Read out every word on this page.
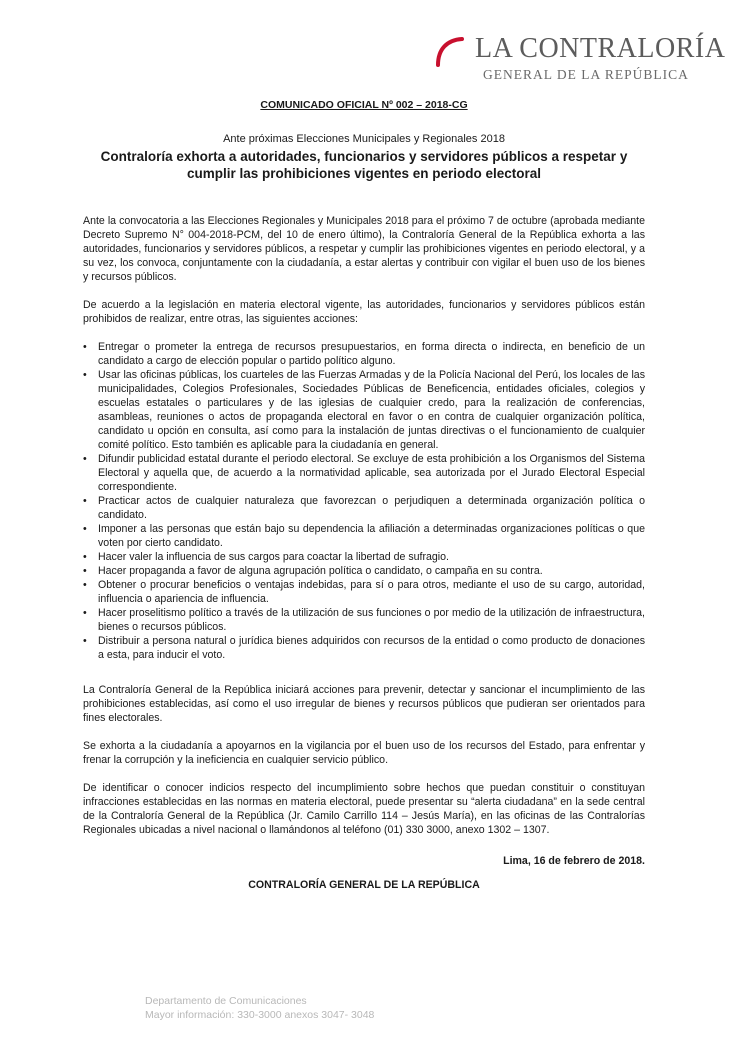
LA CONTRALORÍA
GENERAL DE LA REPÚBLICA
COMUNICADO OFICIAL Nº 002 – 2018-CG
Ante próximas Elecciones Municipales y Regionales 2018
Contraloría exhorta a autoridades, funcionarios y servidores públicos a respetar y
cumplir las prohibiciones vigentes en periodo electoral

Ante la convocatoria a las Elecciones Regionales y Municipales 2018 para el próximo 7 de octubre (aprobada mediante Decreto Supremo N° 004-2018-PCM, del 10 de enero último), la Contraloría General de la República exhorta a las autoridades, funcionarios y servidores públicos, a respetar y cumplir las prohibiciones vigentes en periodo electoral, y a su vez, los convoca, conjuntamente con la ciudadanía, a estar alertas y contribuir con vigilar el buen uso de los bienes y recursos públicos.

De acuerdo a la legislación en materia electoral vigente, las autoridades, funcionarios y servidores públicos están prohibidos de realizar, entre otras, las siguientes acciones:

• Entregar o prometer la entrega de recursos presupuestarios, en forma directa o indirecta, en beneficio de un candidato a cargo de elección popular o partido político alguno.
• Usar las oficinas públicas, los cuarteles de las Fuerzas Armadas y de la Policía Nacional del Perú, los locales de las municipalidades, Colegios Profesionales, Sociedades Públicas de Beneficencia, entidades oficiales, colegios y escuelas estatales o particulares y de las iglesias de cualquier credo, para la realización de conferencias, asambleas, reuniones o actos de propaganda electoral en favor o en contra de cualquier organización política, candidato u opción en consulta, así como para la instalación de juntas directivas o el funcionamiento de cualquier comité político. Esto también es aplicable para la ciudadanía en general.
• Difundir publicidad estatal durante el periodo electoral. Se excluye de esta prohibición a los Organismos del Sistema Electoral y aquella que, de acuerdo a la normatividad aplicable, sea autorizada por el Jurado Electoral Especial correspondiente.
• Practicar actos de cualquier naturaleza que favorezcan o perjudiquen a determinada organización política o candidato.
• Imponer a las personas que están bajo su dependencia la afiliación a determinadas organizaciones políticas o que voten por cierto candidato.
• Hacer valer la influencia de sus cargos para coactar la libertad de sufragio.
• Hacer propaganda a favor de alguna agrupación política o candidato, o campaña en su contra.
• Obtener o procurar beneficios o ventajas indebidas, para sí o para otros, mediante el uso de su cargo, autoridad, influencia o apariencia de influencia.
• Hacer proselitismo político a través de la utilización de sus funciones o por medio de la utilización de infraestructura, bienes o recursos públicos.
• Distribuir a persona natural o jurídica bienes adquiridos con recursos de la entidad o como producto de donaciones a esta, para inducir el voto.

La Contraloría General de la República iniciará acciones para prevenir, detectar y sancionar el incumplimiento de las prohibiciones establecidas, así como el uso irregular de bienes y recursos públicos que pudieran ser orientados para fines electorales.

Se exhorta a la ciudadanía a apoyarnos en la vigilancia por el buen uso de los recursos del Estado, para enfrentar y frenar la corrupción y la ineficiencia en cualquier servicio público.

De identificar o conocer indicios respecto del incumplimiento sobre hechos que puedan constituir o constituyan infracciones establecidas en las normas en materia electoral, puede presentar su “alerta ciudadana” en la sede central de la Contraloría General de la República (Jr. Camilo Carrillo 114 – Jesús María), en las oficinas de las Contralorías Regionales ubicadas a nivel nacional o llamándonos al teléfono (01) 330 3000, anexo 1302 – 1307.

Lima, 16 de febrero de 2018.
CONTRALORÍA GENERAL DE LA REPÚBLICA
Departamento de Comunicaciones
Mayor información: 330-3000 anexos 3047- 3048
